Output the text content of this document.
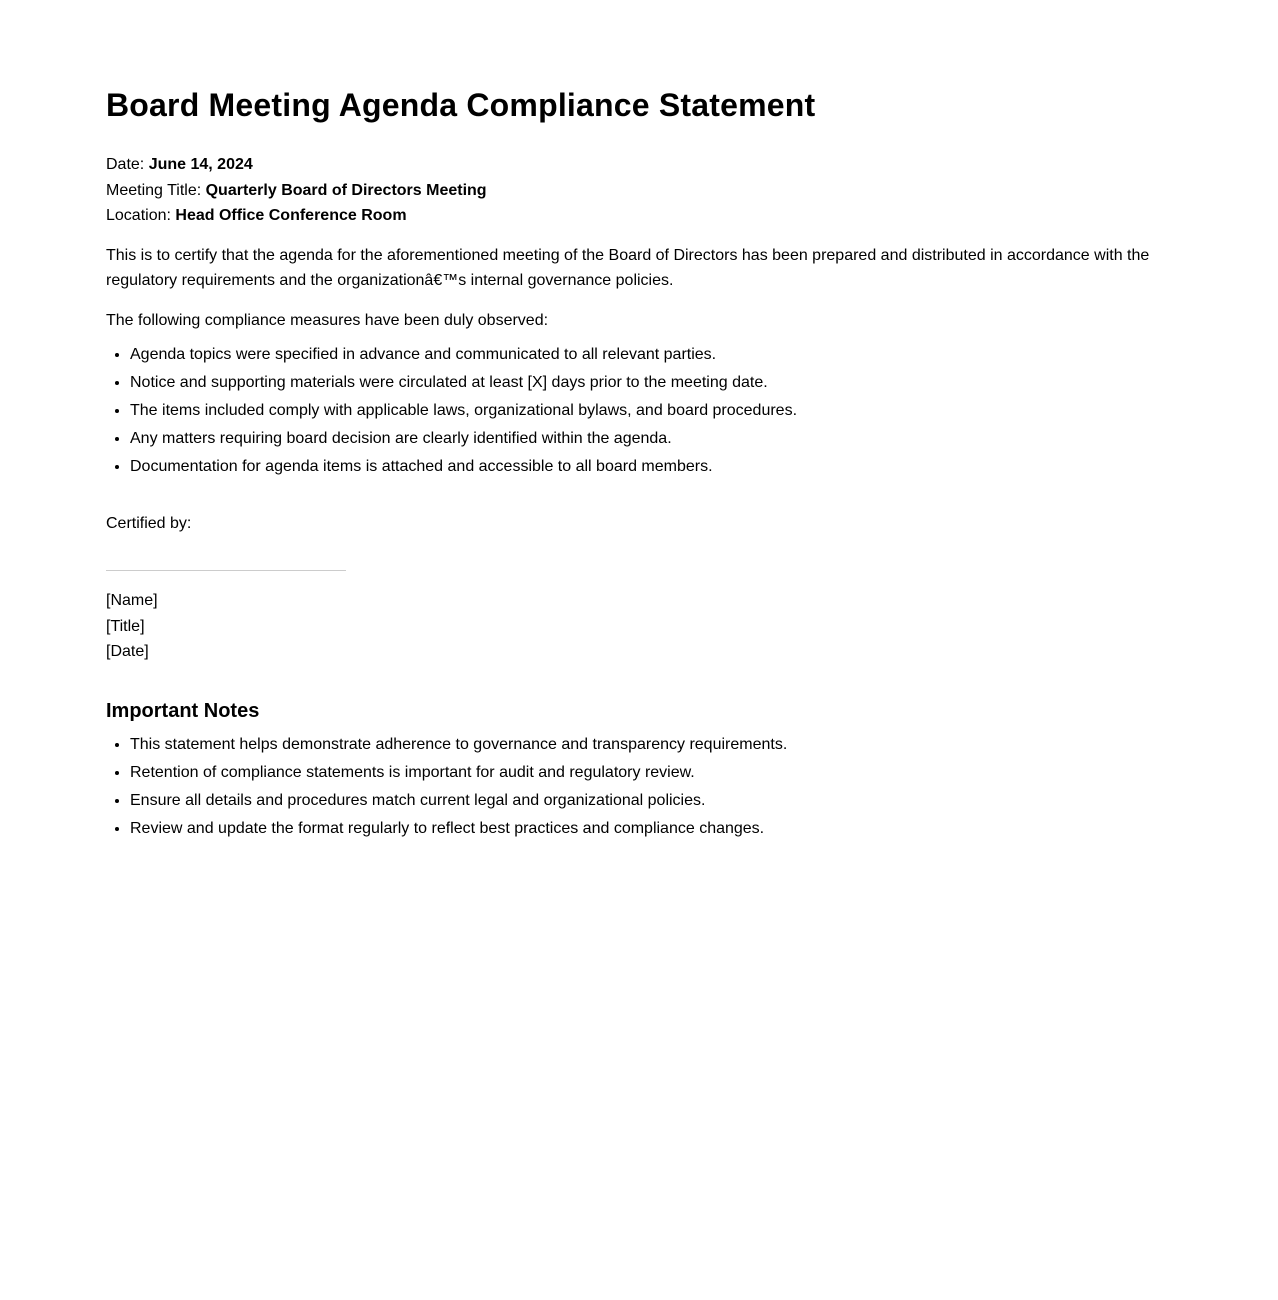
Board Meeting Agenda Compliance Statement
Date: June 14, 2024
Meeting Title: Quarterly Board of Directors Meeting
Location: Head Office Conference Room

This is to certify that the agenda for the aforementioned meeting of the Board of Directors has been prepared and distributed in accordance with the regulatory requirements and the organizationâ€™s internal governance policies.

The following compliance measures have been duly observed:

• Agenda topics were specified in advance and communicated to all relevant parties.
• Notice and supporting materials were circulated at least [X] days prior to the meeting date.
• The items included comply with applicable laws, organizational bylaws, and board procedures.
• Any matters requiring board decision are clearly identified within the agenda.
• Documentation for agenda items is attached and accessible to all board members.

Certified by:

[Name]
[Title]
[Date]
Important Notes
• This statement helps demonstrate adherence to governance and transparency requirements.
• Retention of compliance statements is important for audit and regulatory review.
• Ensure all details and procedures match current legal and organizational policies.
• Review and update the format regularly to reflect best practices and compliance changes.
